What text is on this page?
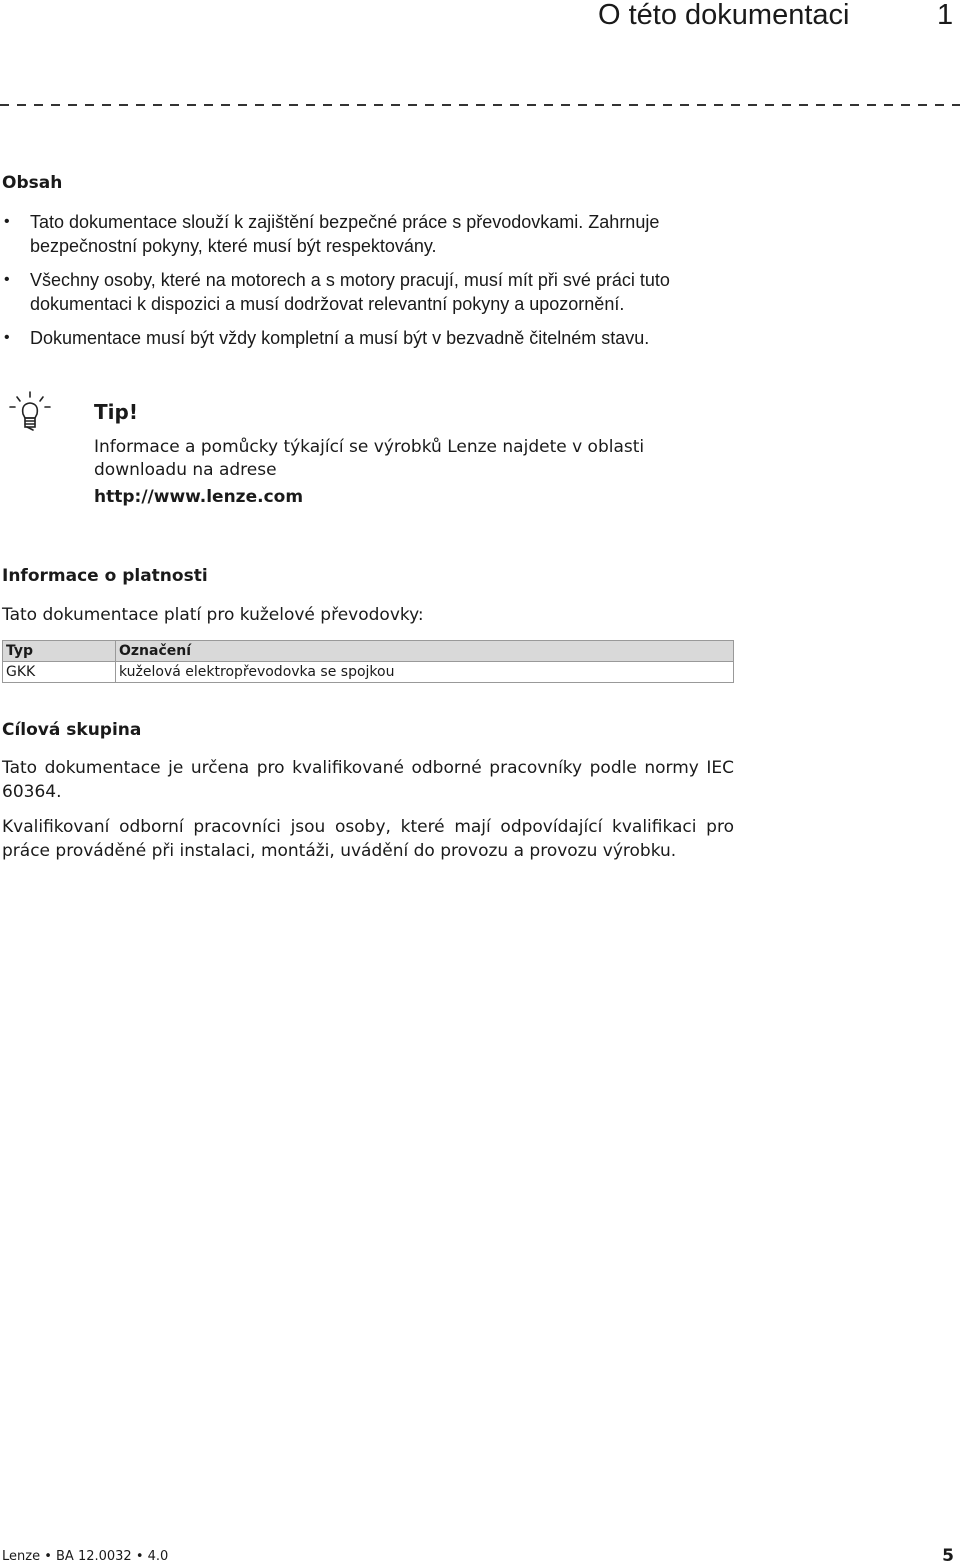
O této dokumentaci	1
Obsah
• Tato dokumentace slouží k zajištění bezpečné práce s převodovkami. Zahrnuje bezpečnostní pokyny, které musí být respektovány.
• Všechny osoby, které na motorech a s motory pracují, musí mít při své práci tuto dokumentaci k dispozici a musí dodržovat relevantní pokyny a upozornění.
• Dokumentace musí být vždy kompletní a musí být v bezvadně čitelném stavu.
Tip!

Informace a pomůcky týkající se výrobků Lenze najdete v oblasti downloadu na adrese

http://www.lenze.com
Informace o platnosti

Tato dokumentace platí pro kuželové převodovky:

Typ	Označení
GKK	kuželová elektropřevodovka se spojkou
Cílová skupina

Tato dokumentace je určena pro kvalifikované odborné pracovníky podle normy IEC 60364.

Kvalifikovaní odborní pracovníci jsou osoby, které mají odpovídající kvalifikaci pro práce prováděné při instalaci, montáži, uvádění do provozu a provozu výrobku.

Lenze • BA 12.0032 • 4.0	5
